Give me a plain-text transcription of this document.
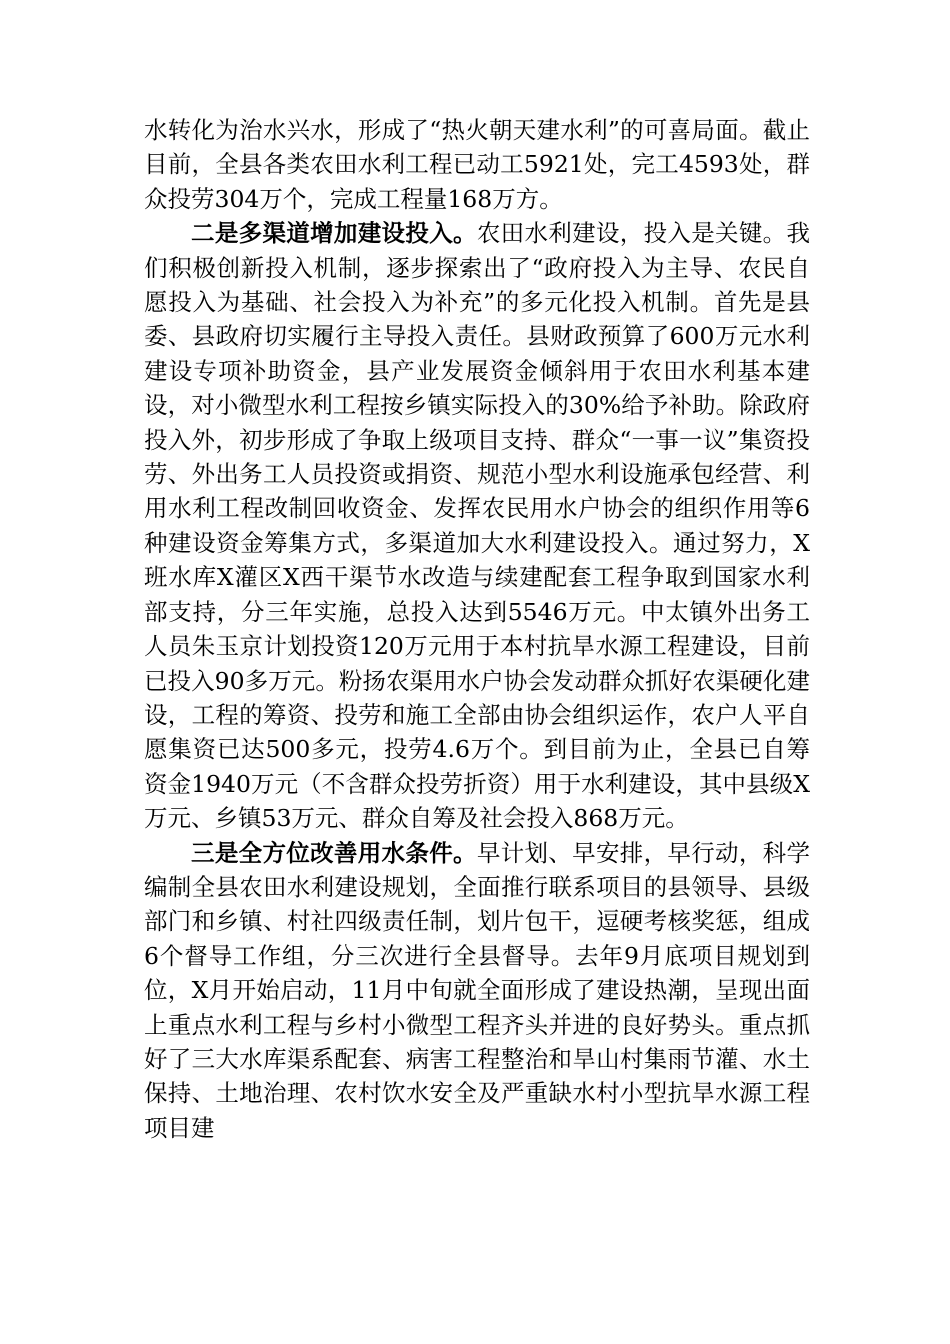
水转化为治水兴水，形成了“热火朝天建水利”的可喜局面。截止目前，全县各类农田水利工程已动工5921处，完工4593处，群众投劳304万个，完成工程量168万方。

二是多渠道增加建设投入。农田水利建设，投入是关键。我们积极创新投入机制，逐步探索出了“政府投入为主导、农民自愿投入为基础、社会投入为补充”的多元化投入机制。首先是县委、县政府切实履行主导投入责任。县财政预算了600万元水利建设专项补助资金，县产业发展资金倾斜用于农田水利基本建设，对小微型水利工程按乡镇实际投入的30%给予补助。除政府投入外，初步形成了争取上级项目支持、群众“一事一议”集资投劳、外出务工人员投资或捐资、规范小型水利设施承包经营、利用水利工程改制回收资金、发挥农民用水户协会的组织作用等6种建设资金筹集方式，多渠道加大水利建设投入。通过努力，X班水库X灌区X西干渠节水改造与续建配套工程争取到国家水利部支持，分三年实施，总投入达到5546万元。中太镇外出务工人员朱玉京计划投资120万元用于本村抗旱水源工程建设，目前已投入90多万元。粉扬农渠用水户协会发动群众抓好农渠硬化建设，工程的筹资、投劳和施工全部由协会组织运作，农户人平自愿集资已达500多元，投劳4.6万个。到目前为止，全县已自筹资金1940万元（不含群众投劳折资）用于水利建设，其中县级X万元、乡镇53万元、群众自筹及社会投入868万元。

三是全方位改善用水条件。早计划、早安排，早行动，科学编制全县农田水利建设规划，全面推行联系项目的县领导、县级部门和乡镇、村社四级责任制，划片包干，逗硬考核奖惩，组成6个督导工作组，分三次进行全县督导。去年9月底项目规划到位，X月开始启动，11月中旬就全面形成了建设热潮，呈现出面上重点水利工程与乡村小微型工程齐头并进的良好势头。重点抓好了三大水库渠系配套、病害工程整治和旱山村集雨节灌、水土保持、土地治理、农村饮水安全及严重缺水村小型抗旱水源工程项目建
